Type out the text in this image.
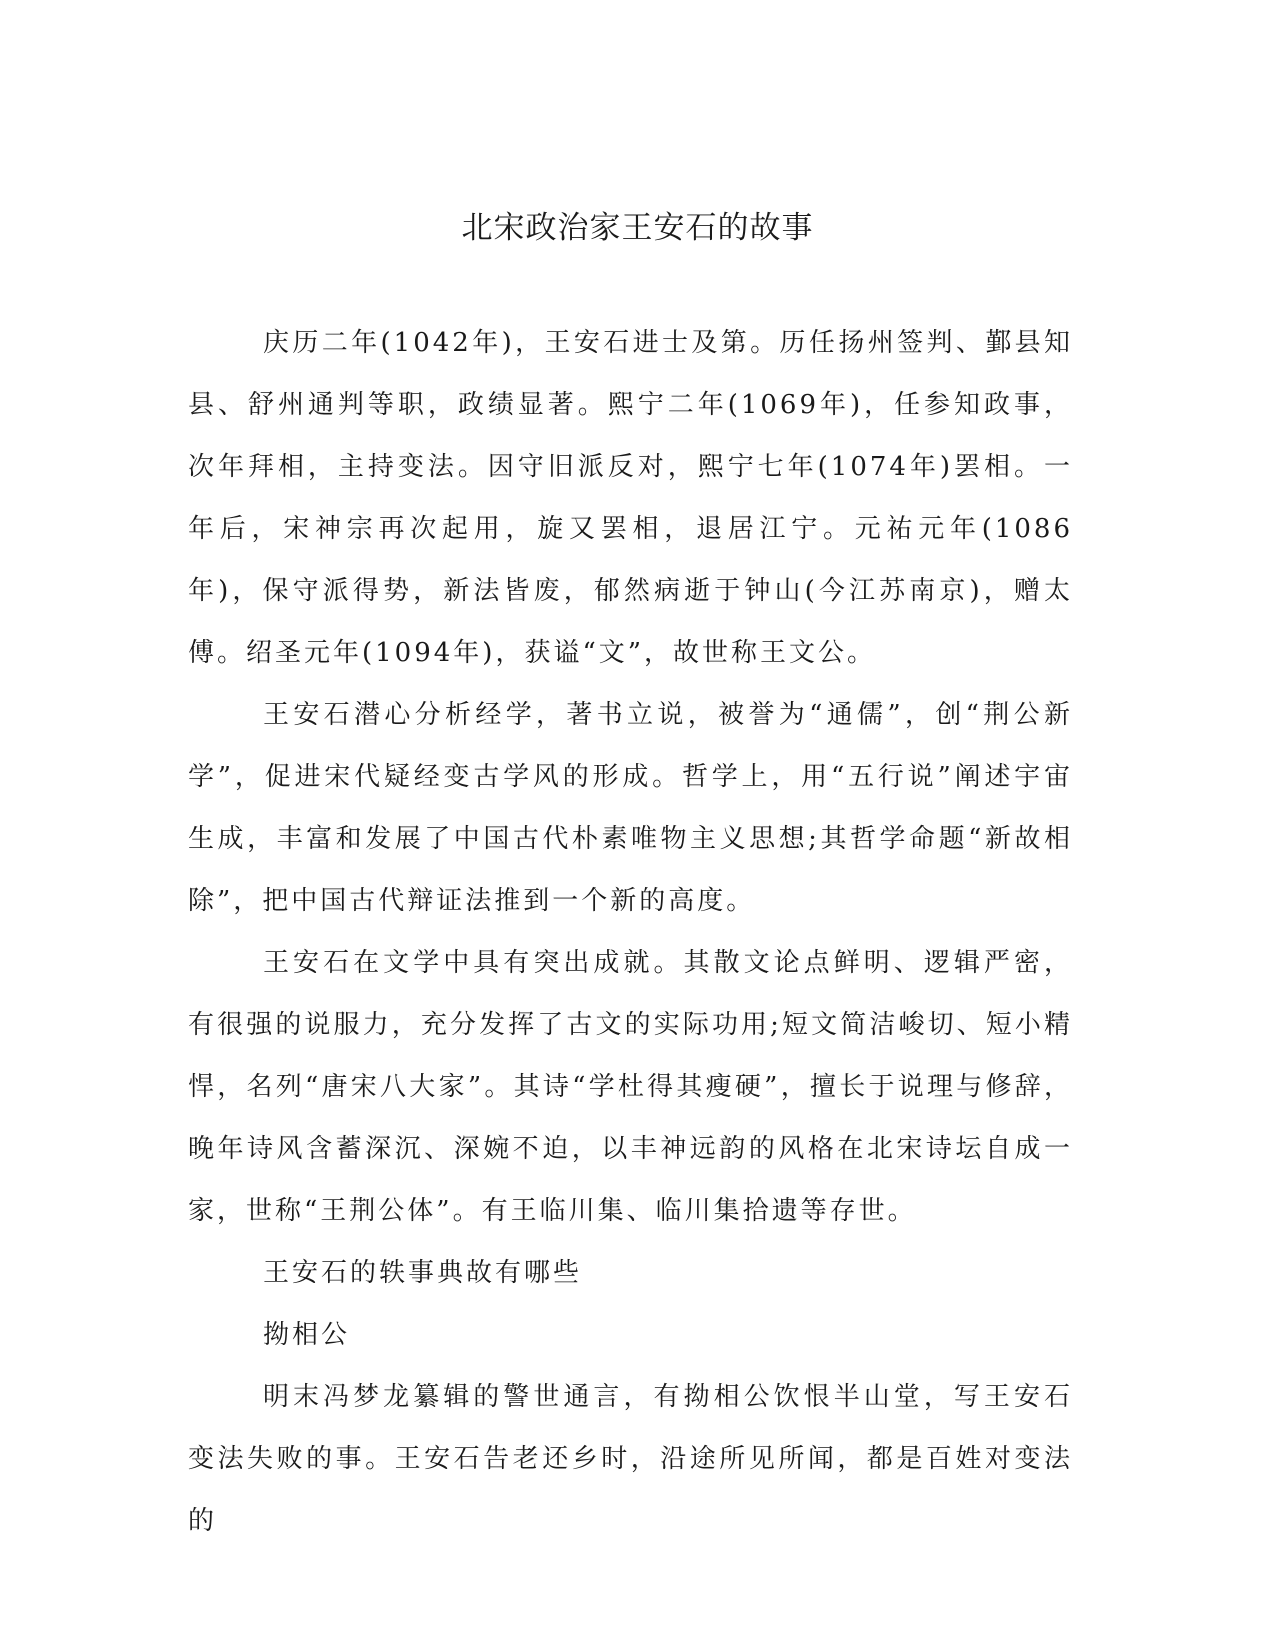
北宋政治家王安石的故事

庆历二年(1042年)，王安石进士及第。历任扬州签判、鄞县知县、舒州通判等职，政绩显著。熙宁二年(1069年)，任参知政事，次年拜相，主持变法。因守旧派反对，熙宁七年(1074年)罢相。一年后，宋神宗再次起用，旋又罢相，退居江宁。元祐元年(1086年)，保守派得势，新法皆废，郁然病逝于钟山(今江苏南京)，赠太傅。绍圣元年(1094年)，获谥“文”，故世称王文公。

王安石潜心分析经学，著书立说，被誉为“通儒”，创“荆公新学”，促进宋代疑经变古学风的形成。哲学上，用“五行说”阐述宇宙生成，丰富和发展了中国古代朴素唯物主义思想;其哲学命题“新故相除”，把中国古代辩证法推到一个新的高度。

王安石在文学中具有突出成就。其散文论点鲜明、逻辑严密，有很强的说服力，充分发挥了古文的实际功用;短文简洁峻切、短小精悍，名列“唐宋八大家”。其诗“学杜得其瘦硬”，擅长于说理与修辞，晚年诗风含蓄深沉、深婉不迫，以丰神远韵的风格在北宋诗坛自成一家，世称“王荆公体”。有王临川集、临川集拾遗等存世。

王安石的轶事典故有哪些

拗相公

明末冯梦龙纂辑的警世通言，有拗相公饮恨半山堂，写王安石变法失败的事。王安石告老还乡时，沿途所见所闻，都是百姓对变法的
